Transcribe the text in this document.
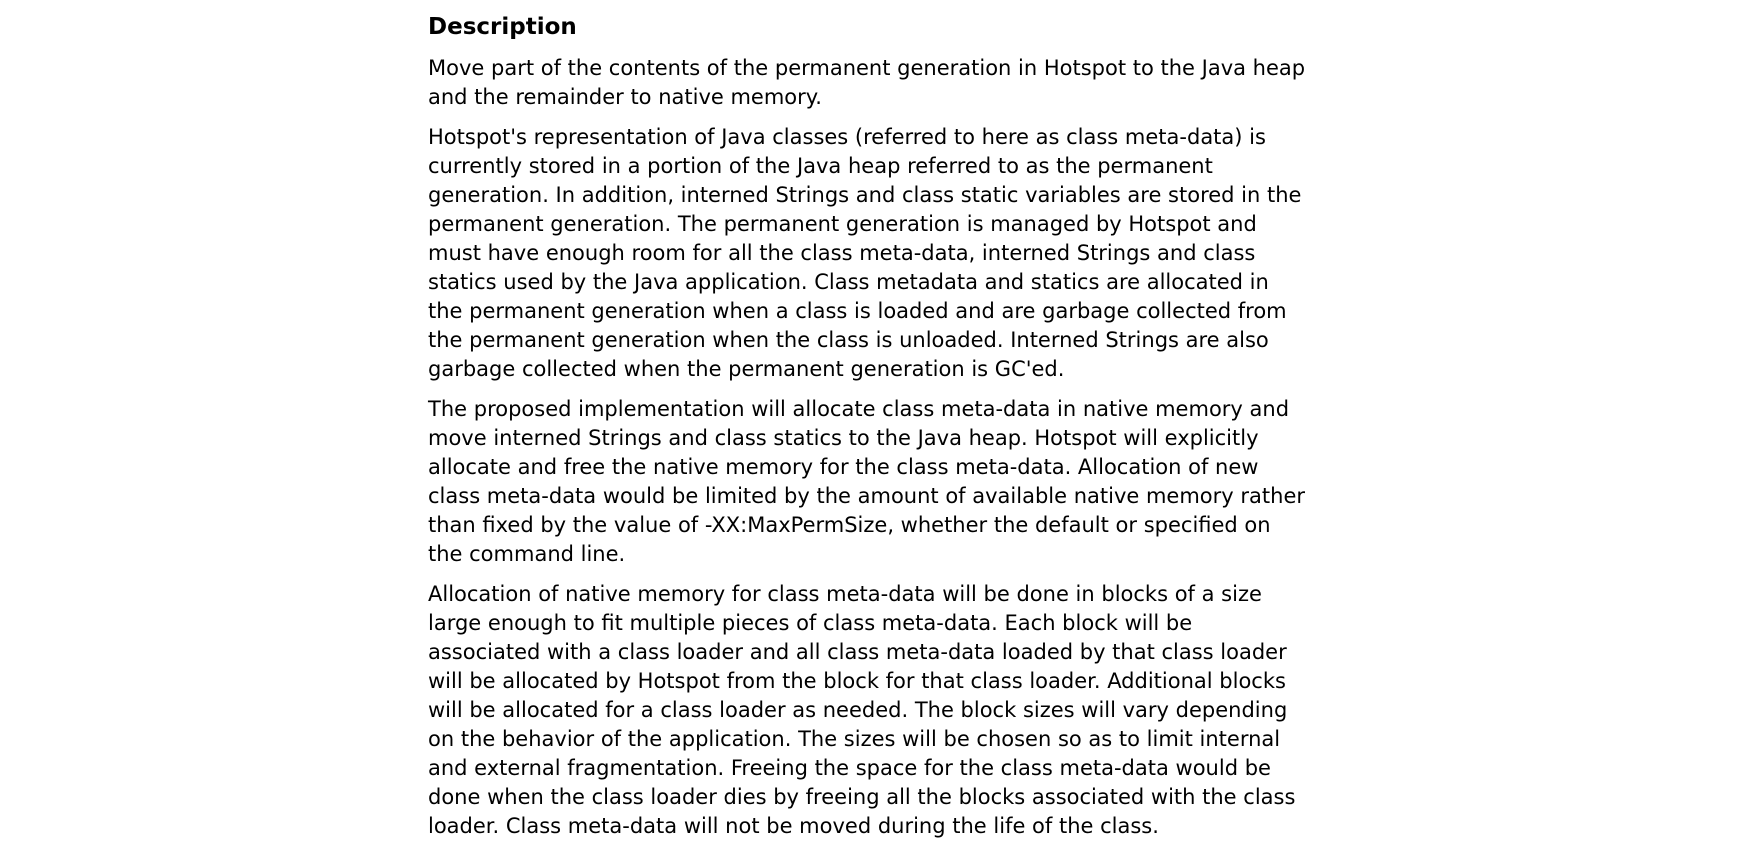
Description

Move part of the contents of the permanent generation in Hotspot to the Java heap and the remainder to native memory.

Hotspot's representation of Java classes (referred to here as class meta-data) is currently stored in a portion of the Java heap referred to as the permanent generation. In addition, interned Strings and class static variables are stored in the permanent generation. The permanent generation is managed by Hotspot and must have enough room for all the class meta-data, interned Strings and class statics used by the Java application. Class metadata and statics are allocated in the permanent generation when a class is loaded and are garbage collected from the permanent generation when the class is unloaded. Interned Strings are also garbage collected when the permanent generation is GC'ed.

The proposed implementation will allocate class meta-data in native memory and move interned Strings and class statics to the Java heap. Hotspot will explicitly allocate and free the native memory for the class meta-data. Allocation of new class meta-data would be limited by the amount of available native memory rather than fixed by the value of -XX:MaxPermSize, whether the default or specified on the command line.

Allocation of native memory for class meta-data will be done in blocks of a size large enough to fit multiple pieces of class meta-data. Each block will be associated with a class loader and all class meta-data loaded by that class loader will be allocated by Hotspot from the block for that class loader. Additional blocks will be allocated for a class loader as needed. The block sizes will vary depending on the behavior of the application. The sizes will be chosen so as to limit internal and external fragmentation. Freeing the space for the class meta-data would be done when the class loader dies by freeing all the blocks associated with the class loader. Class meta-data will not be moved during the life of the class.
